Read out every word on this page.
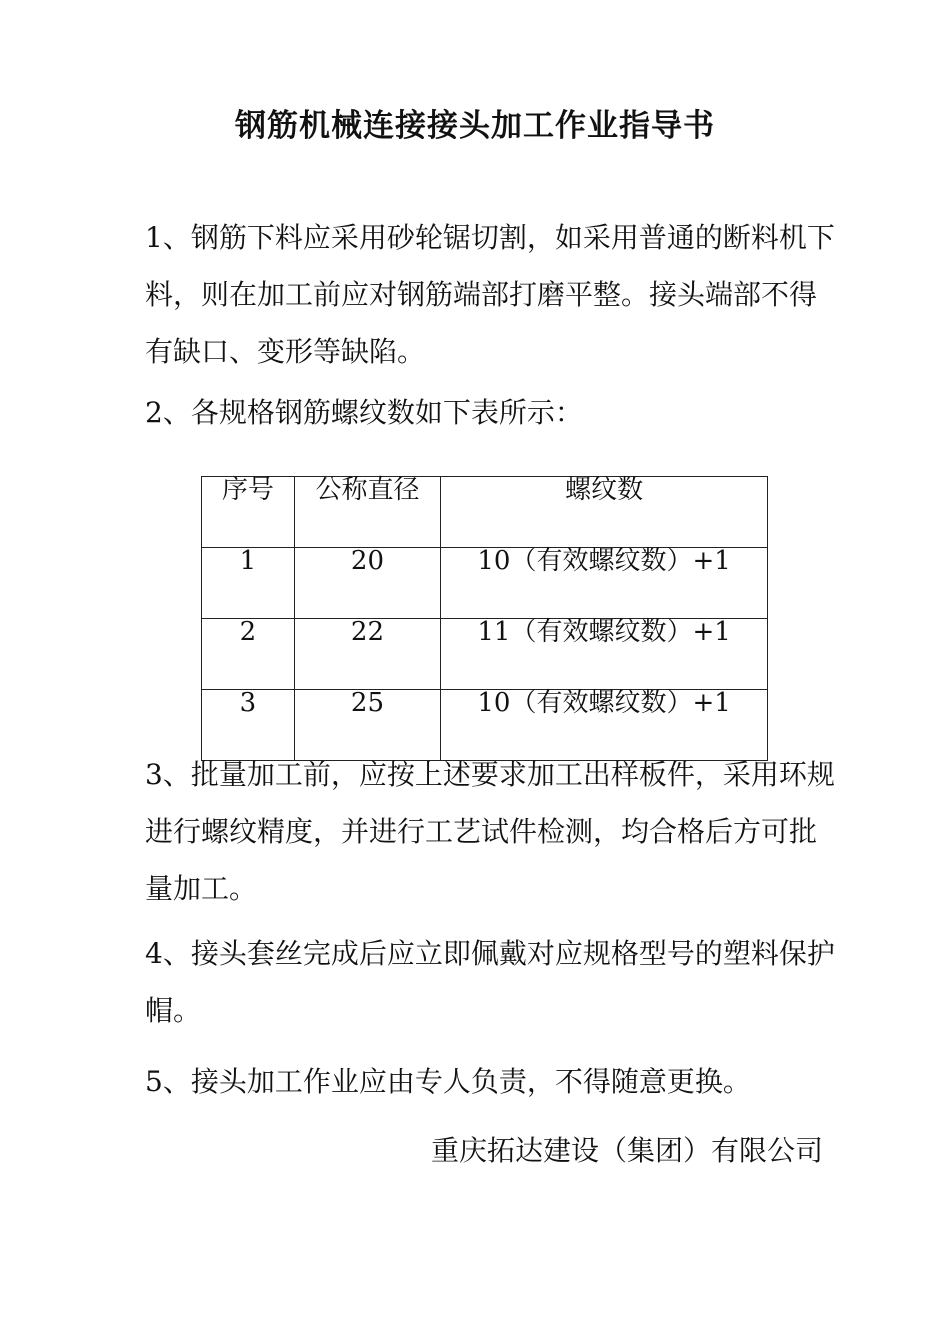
钢筋机械连接接头加工作业指导书

1、钢筋下料应采用砂轮锯切割，如采用普通的断料机下料，则在加工前应对钢筋端部打磨平整。接头端部不得有缺口、变形等缺陷。

2、各规格钢筋螺纹数如下表所示：

序号	公称直径	螺纹数
1	20	10（有效螺纹数）+1
2	22	11（有效螺纹数）+1
3	25	10（有效螺纹数）+1

3、批量加工前，应按上述要求加工出样板件，采用环规进行螺纹精度，并进行工艺试件检测，均合格后方可批量加工。

4、接头套丝完成后应立即佩戴对应规格型号的塑料保护帽。

5、接头加工作业应由专人负责，不得随意更换。

重庆拓达建设（集团）有限公司
